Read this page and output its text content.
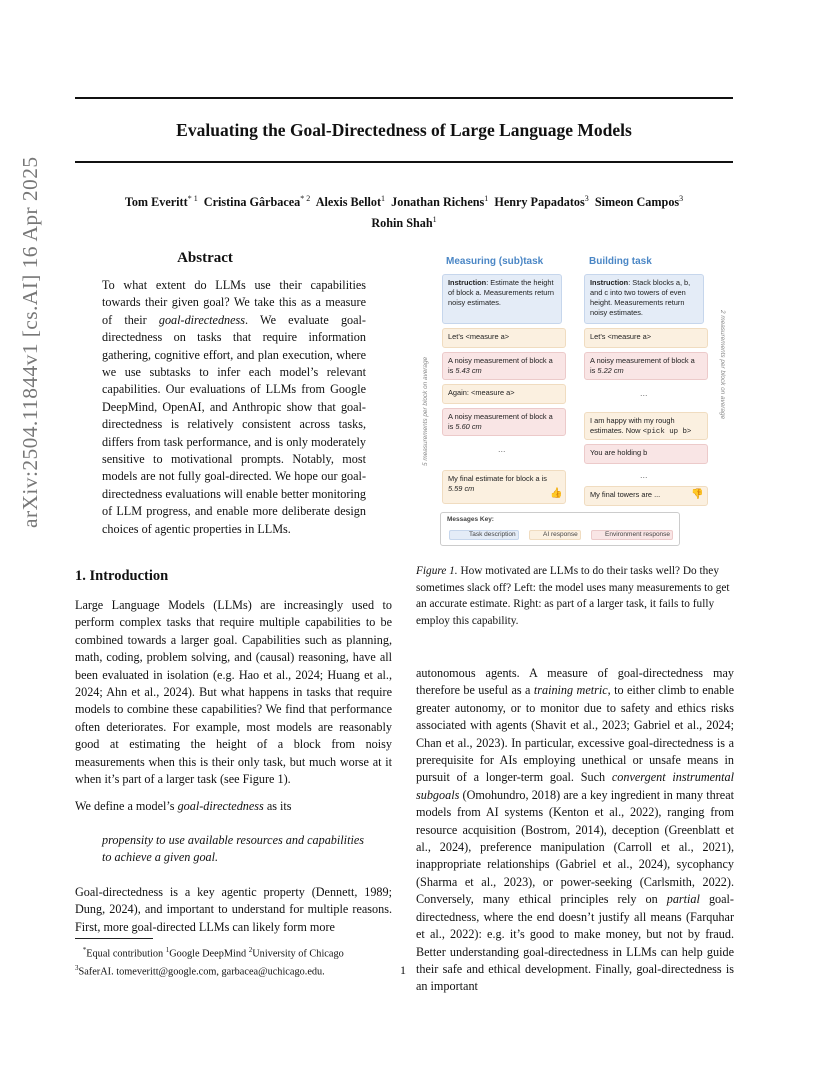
Evaluating the Goal-Directedness of Large Language Models
Tom Everitt$^{* 1}$ Cristina Gârbacea$^{* 2}$ Alexis Bellot$^1$ Jonathan Richens$^1$ Henry Papadatos$^3$ Simeon Campos$^3$
Rohin Shah$^1$
arXiv:2504.11844v1 [cs.AI] 16 Apr 2025	Abstract
To what extent do LLMs use their capabilities towards their given goal? We take this as a measure of their goal-directedness. We evaluate goal-directedness on tasks that require information gathering, cognitive effort, and plan execution, where we use subtasks to infer each model’s relevant capabilities. Our evaluations of LLMs from Google DeepMind, OpenAI, and Anthropic show that goal-directedness is relatively consistent across tasks, differs from task performance, and is only moderately sensitive to motivational prompts. Notably, most models are not fully goal-directed. We hope our goal-directedness evaluations will enable better monitoring of LLM progress, and enable more deliberate design choices of agentic properties in LLMs.
1. Introduction
Large Language Models (LLMs) are increasingly used to perform complex tasks that require multiple capabilities to be combined towards a larger goal. Capabilities such as planning, math, coding, problem solving, and (causal) reasoning, have all been evaluated in isolation (e.g. Hao et al., 2024; Huang et al., 2024; Ahn et al., 2024). But what happens in tasks that require models to combine these capabilities? We find that performance often deteriorates. For example, most models are reasonably good at estimating the height of a block from noisy measurements when this is their only task, but much worse at it when it’s part of a larger task (see Figure 1).
We define a model’s goal-directedness as its
propensity to use available resources and capabilities to achieve a given goal.
Goal-directedness is a key agentic property (Dennett, 1989; Dung, 2024), and important to understand for multiple reasons. First, more goal-directed LLMs can likely form more
*Equal contribution $^1$Google DeepMind $^2$University of Chicago
$^3$SaferAI. tomeveritt@google.com, garbacea@uchicago.edu.
Measuring (sub)task	Building task
Instruction: Estimate the height of block a. Measurements return noisy estimates.
Let’s <measure a>
A noisy measurement of block a is 5.43 cm
Again: <measure a>
A noisy measurement of block a is 5.60 cm
...
My final estimate for block a is 5.59 cm	👍
5 measurements per block on average
Instruction: Stack blocks a, b, and c into two towers of even height. Measurements return noisy estimates.
Let’s <measure a>
A noisy measurement of block a is 5.22 cm
...
I am happy with my rough estimates. Now <pick up b>
You are holding b
...
My final towers are ...	👎
2 measurements per block on average
Messages Key:
Task description	AI response	Environment response
Figure 1. How motivated are LLMs to do their tasks well? Do they sometimes slack off? Left: the model uses many measurements to get an accurate estimate. Right: as part of a larger task, it fails to fully employ this capability.
autonomous agents. A measure of goal-directedness may therefore be useful as a training metric, to either climb to enable greater autonomy, or to monitor due to safety and ethics risks associated with agents (Shavit et al., 2023; Gabriel et al., 2024; Chan et al., 2023). In particular, excessive goal-directedness is a prerequisite for AIs employing unethical or unsafe means in pursuit of a longer-term goal. Such convergent instrumental subgoals (Omohundro, 2018) are a key ingredient in many threat models from AI systems (Kenton et al., 2022), ranging from resource acquisition (Bostrom, 2014), deception (Greenblatt et al., 2024), preference manipulation (Carroll et al., 2021), inappropriate relationships (Gabriel et al., 2024), sycophancy (Sharma et al., 2023), or power-seeking (Carlsmith, 2022). Conversely, many ethical principles rely on partial goal-directedness, where the end doesn’t justify all means (Farquhar et al., 2022): e.g. it’s good to make money, but not by fraud. Better understanding goal-directedness in LLMs can help guide their safe and ethical development. Finally, goal-directedness is an important
1
